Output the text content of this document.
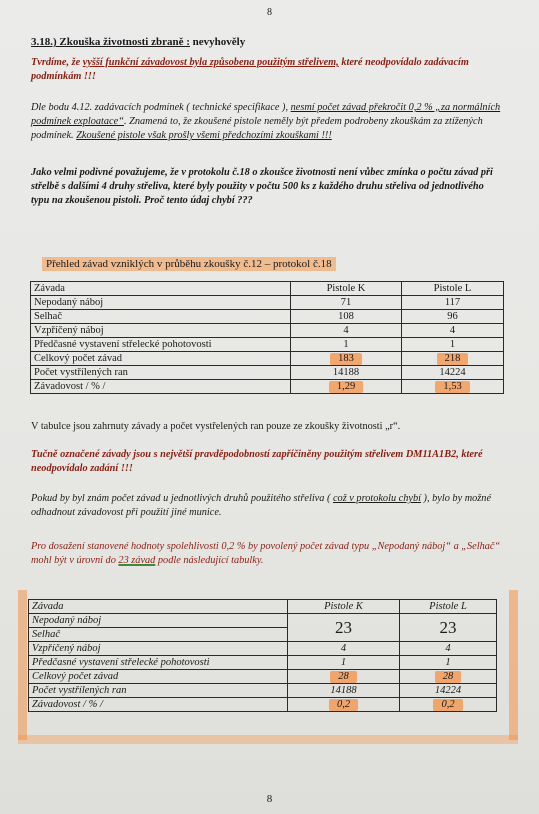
8
3.18.) Zkouška životnosti zbraně : nevyhověly
Tvrdíme, že vyšší funkční závadovost byla způsobena použitým střelivem, které neodpovídalo zadávacím podmínkám !!!
Dle bodu 4.12. zadávacích podmínek ( technické specifikace ), nesmí počet závad překročit 0,2 % „za normálních podmínek exploatace“. Znamená to, že zkoušené pistole neměly být předem podrobeny zkouškám za ztížených podmínek. Zkoušené pistole však prošly všemi předchozími zkouškami !!!
Jako velmi podivné považujeme, že v protokolu č.18 o zkoušce životnosti není vůbec zmínka o počtu závad při střelbě s dalšími 4 druhy střeliva, které byly použity v počtu 500 ks z každého druhu střeliva od jednotlivého typu na zkoušenou pistoli. Proč tento údaj chybí ???
Přehled závad vzniklých v průběhu zkoušky č.12 – protokol č.18
Závada	Pistole K	Pistole L
Nepodaný náboj	71	117
Selhač	108	96
Vzpříčený náboj	4	4
Předčasné vystavení střelecké pohotovosti	1	1
Celkový počet závad	183	218
Počet vystřílených ran	14188	14224
Závadovost / % /	1,29	1,53
V tabulce jsou zahrnuty závady a počet vystřelených ran pouze ze zkoušky životnosti „r“.
Tučně označené závady jsou s největší pravděpodobností zapříčiněny použitým střelivem DM11A1B2, které neodpovídalo zadání !!!
Pokud by byl znám počet závad u jednotlivých druhů použitého střeliva ( což v protokolu chybí ), bylo by možné odhadnout závadovost při použití jiné munice.
Pro dosažení stanovené hodnoty spolehlivosti 0,2 % by povolený počet závad typu „Nepodaný náboj“ a „Selhač“ mohl být v úrovni do 23 závad podle následující tabulky.
Závada	Pistole K	Pistole L
Nepodaný náboj	23	23
Selhač		
Vzpříčený náboj	4	4
Předčasné vystavení střelecké pohotovosti	1	1
Celkový počet závad	28	28
Počet vystřílených ran	14188	14224
Závadovost / % /	0,2	0,2
8
